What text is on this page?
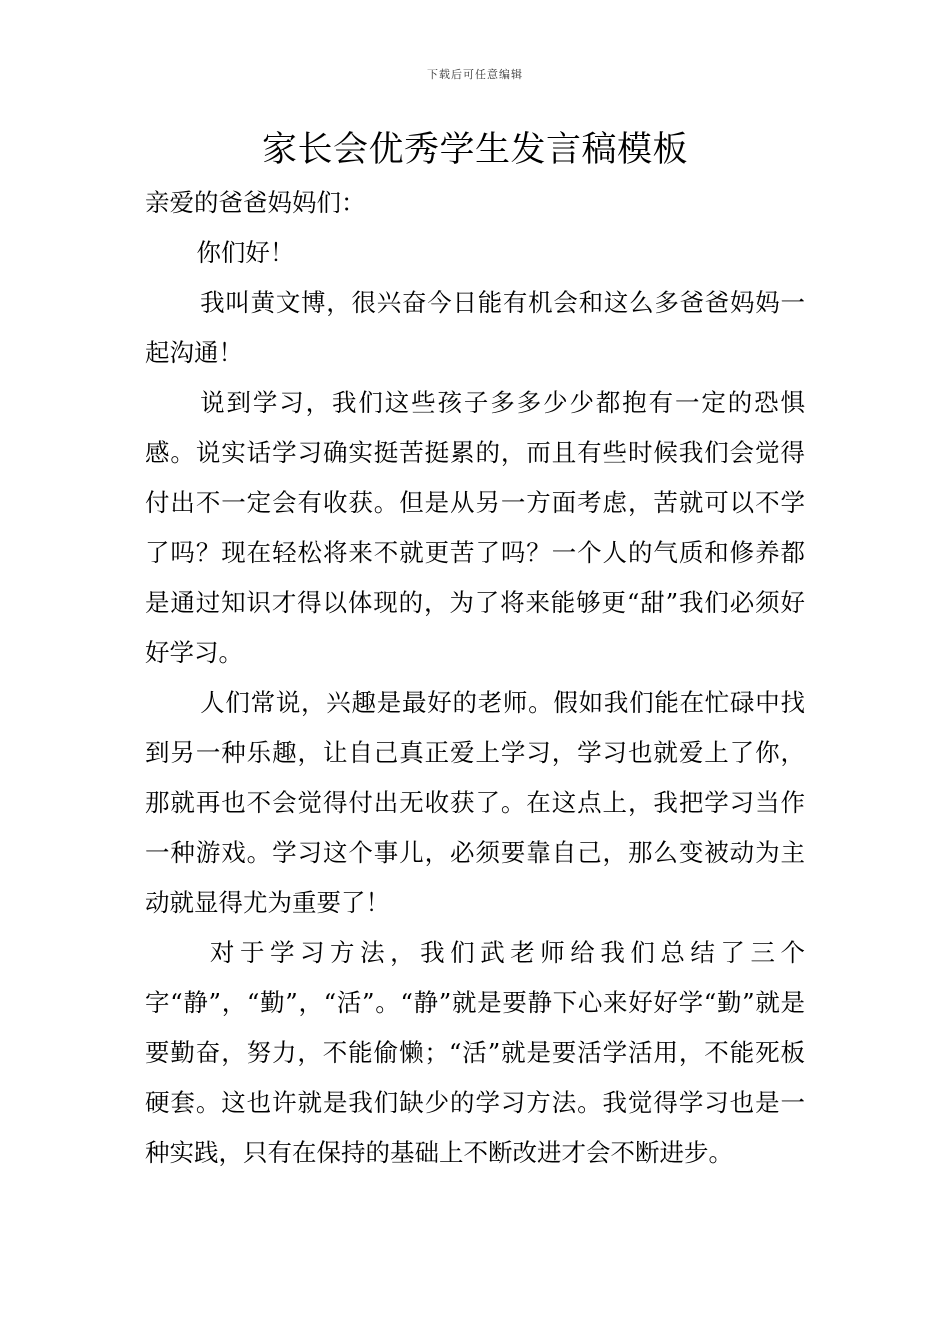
下载后可任意编辑
家长会优秀学生发言稿模板

亲爱的爸爸妈妈们：

你们好！

我叫黄文博，很兴奋今日能有机会和这么多爸爸妈妈一起沟通！

说到学习，我们这些孩子多多少少都抱有一定的恐惧感。说实话学习确实挺苦挺累的，而且有些时候我们会觉得付出不一定会有收获。但是从另一方面考虑，苦就可以不学了吗？现在轻松将来不就更苦了吗？一个人的气质和修养都是通过知识才得以体现的，为了将来能够更“甜”我们必须好好学习。

人们常说，兴趣是最好的老师。假如我们能在忙碌中找到另一种乐趣，让自己真正爱上学习，学习也就爱上了你，那就再也不会觉得付出无收获了。在这点上，我把学习当作一种游戏。学习这个事儿，必须要靠自己，那么变被动为主动就显得尤为重要了！

对于学习方法，我们武老师给我们总结了三个字“静”，“勤”，“活”。“静”就是要静下心来好好学“勤”就是要勤奋，努力，不能偷懒；“活”就是要活学活用，不能死板硬套。这也许就是我们缺少的学习方法。我觉得学习也是一种实践，只有在保持的基础上不断改进才会不断进步。
